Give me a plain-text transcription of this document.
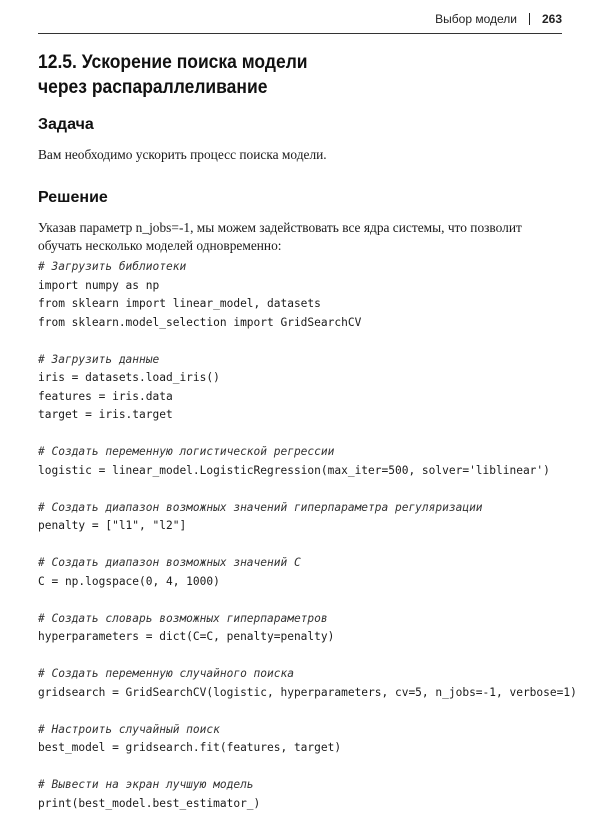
Выбор модели 263
12.5. Ускорение поиска модели
через распараллеливание
Задача
Вам необходимо ускорить процесс поиска модели.
Решение
Указав параметр n_jobs=-1, мы можем задействовать все ядра системы, что позволит
обучать несколько моделей одновременно:
# Загрузить библиотеки
import numpy as np
from sklearn import linear_model, datasets
from sklearn.model_selection import GridSearchCV
# Загрузить данные
iris = datasets.load_iris()
features = iris.data
target = iris.target
# Создать переменную логистической регрессии
logistic = linear_model.LogisticRegression(max_iter=500, solver='liblinear')
# Создать диапазон возможных значений гиперпараметра регуляризации
penalty = ["l1", "l2"]
# Создать диапазон возможных значений C
C = np.logspace(0, 4, 1000)
# Создать словарь возможных гиперпараметров
hyperparameters = dict(C=C, penalty=penalty)
# Создать переменную случайного поиска
gridsearch = GridSearchCV(logistic, hyperparameters, cv=5, n_jobs=-1, verbose=1)
# Настроить случайный поиск
best_model = gridsearch.fit(features, target)
# Вывести на экран лучшую модель
print(best_model.best_estimator_)
